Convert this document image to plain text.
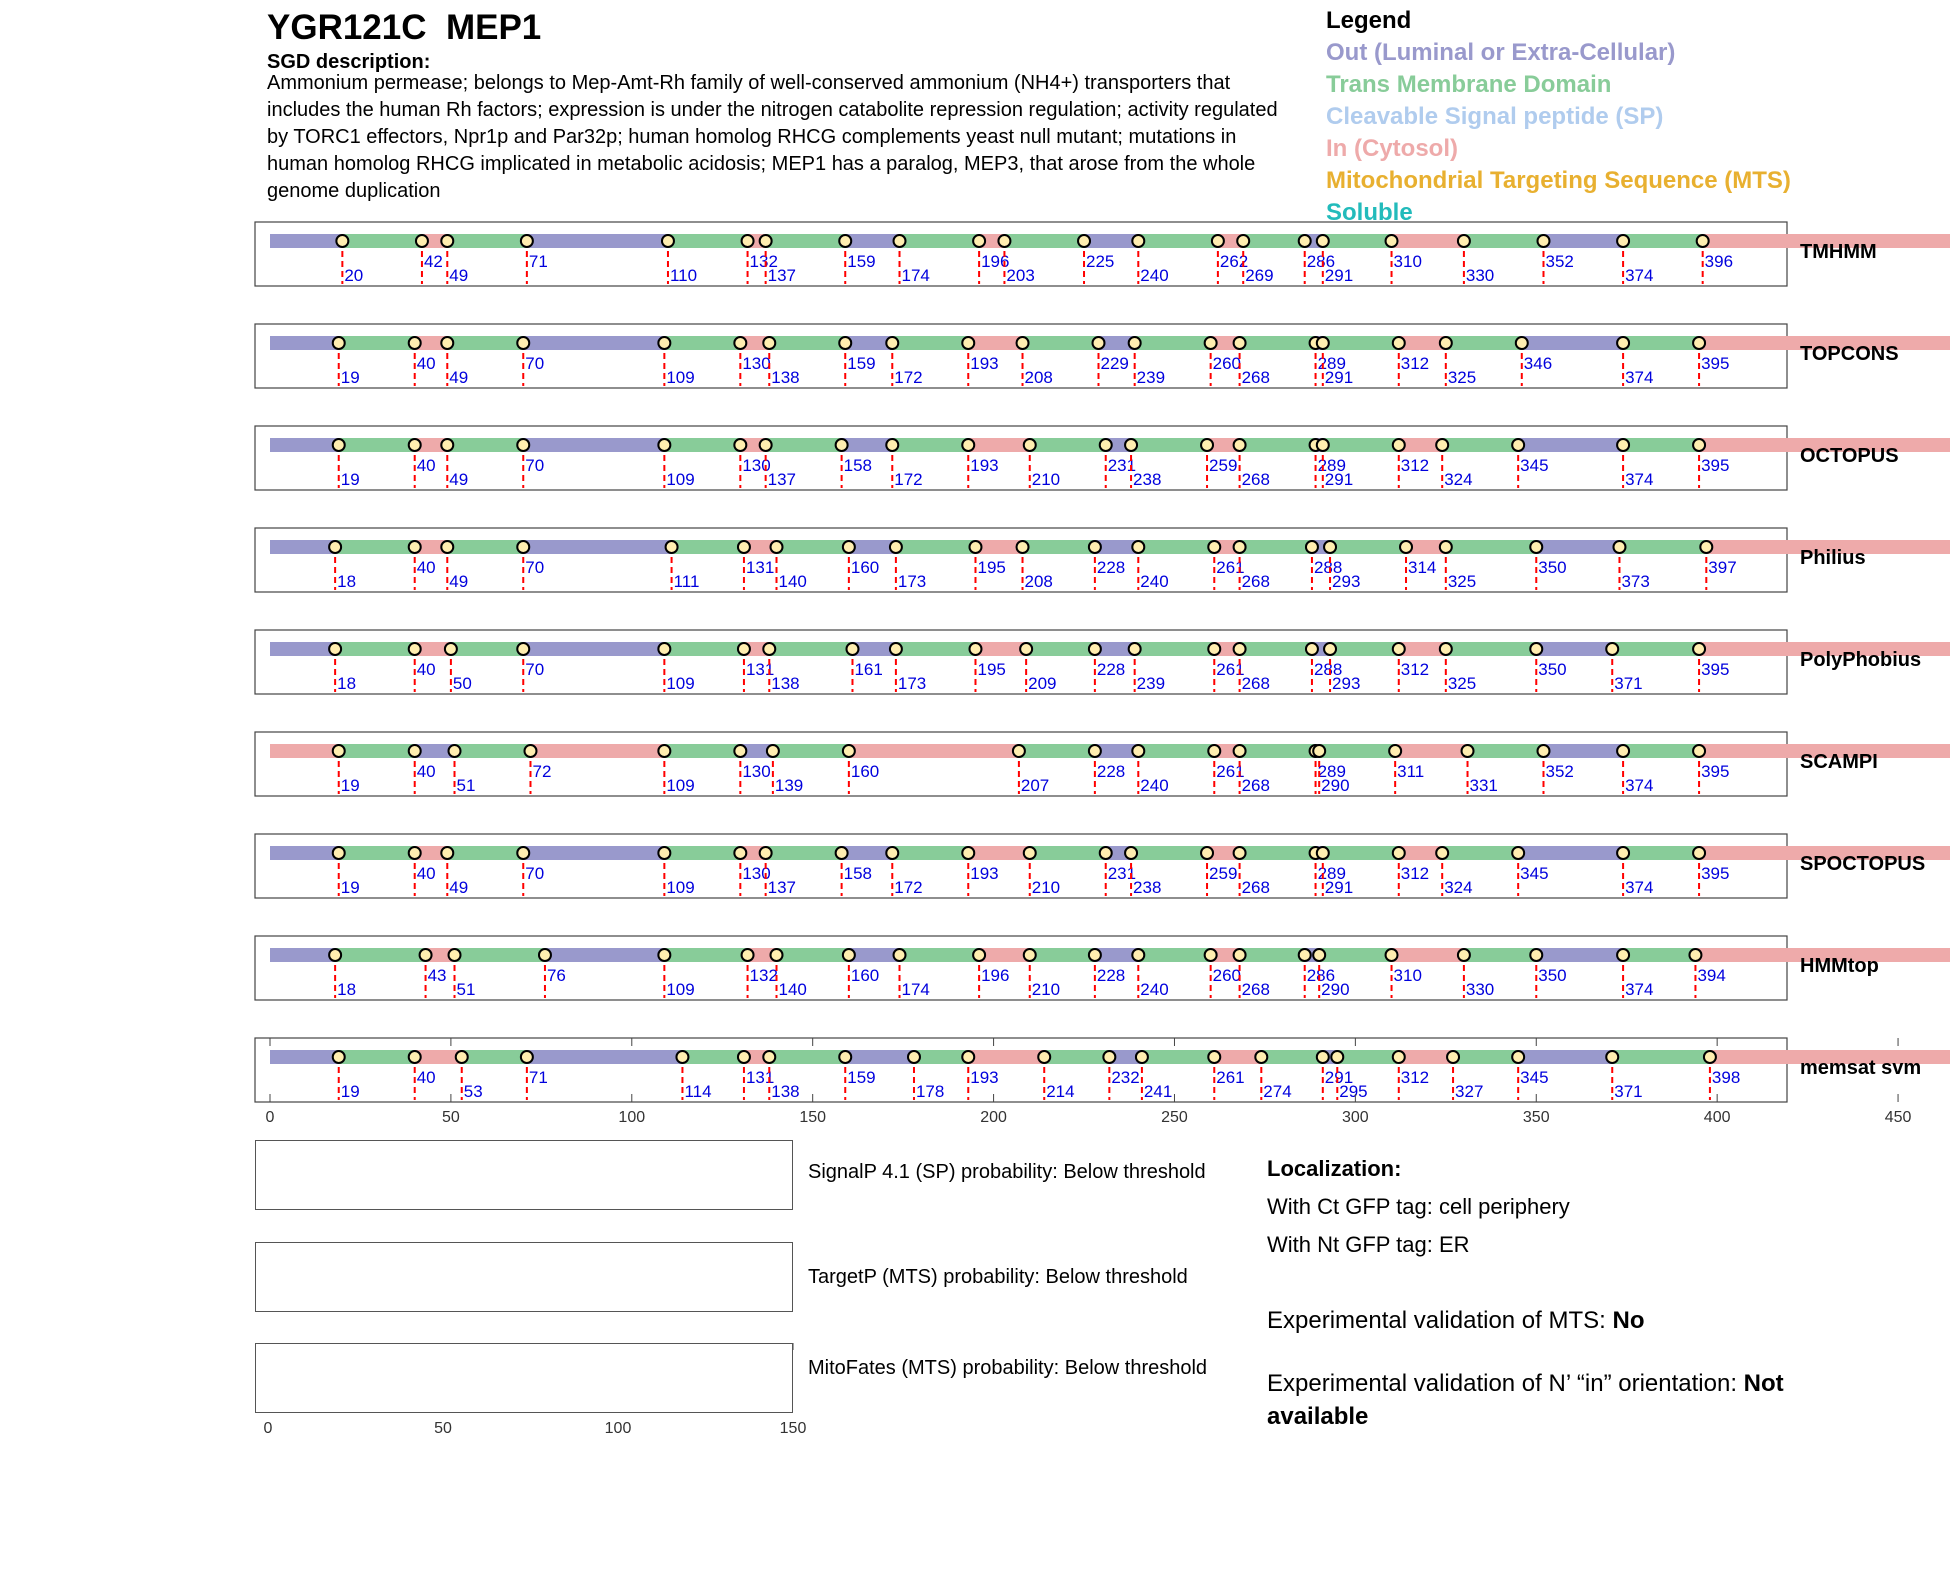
YGR121C  MEP1
SGD description:
Ammonium permease; belongs to Mep-Amt-Rh family of well-conserved ammonium (NH4+) transporters that includes the human Rh factors; expression is under the nitrogen catabolite repression regulation; activity regulated by TORC1 effectors, Npr1p and Par32p; human homolog RHCG complements yeast null mutant; mutations in human homolog RHCG implicated in metabolic acidosis; MEP1 has a paralog, MEP3, that arose from the whole genome duplication
Legend
Out (Luminal or Extra-Cellular)
Trans Membrane Domain
Cleavable Signal peptide (SP)
In (Cytosol)
Mitochondrial Targeting Sequence (MTS)
Soluble
20
42
49
71
110
132
137
159
174
196
203
225
240
262
269
286
291
310
330
352
374
396	TMHMM
19
40
49
70
109
130
138
159
172
193
208
229
239
260
268
289
291
312
325
346
374
395	TOPCONS
19
40
49
70
109
130
137
158
172
193
210
231
238
259
268
289
291
312
324
345
374
395	OCTOPUS
18
40
49
70
111
131
140
160
173
195
208
228
240
261
268
288
293
314
325
350
373
397	Philius
18
40
50
70
109
131
138
161
173
195
209
228
239
261
268
288
293
312
325
350
371
395	PolyPhobius
19
40
51
72
109
130
139
160
207
228
240
261
268
289
290
311
331
352
374
395	SCAMPI
19
40
49
70
109
130
137
158
172
193
210
231
238
259
268
289
291
312
324
345
374
395	SPOCTOPUS
18
43
51
76
109
132
140
160
174
196
210
228
240
260
268
286
290
310
330
350
374
394	HMMtop
19
40
53
71
114
131
138
159
178
193
214
232
241
261
274
291
295
312
327
345
371
398	memsat svm
0	50	100	150	200	250	300	350	400	450
0	50	100	150
SignalP 4.1 (SP) probability: Below threshold
TargetP (MTS) probability: Below threshold
MitoFates (MTS) probability: Below threshold
Localization:
With Ct GFP tag: cell periphery
With Nt GFP tag: ER
Experimental validation of MTS: No
Experimental validation of N’ “in” orientation: Not available
